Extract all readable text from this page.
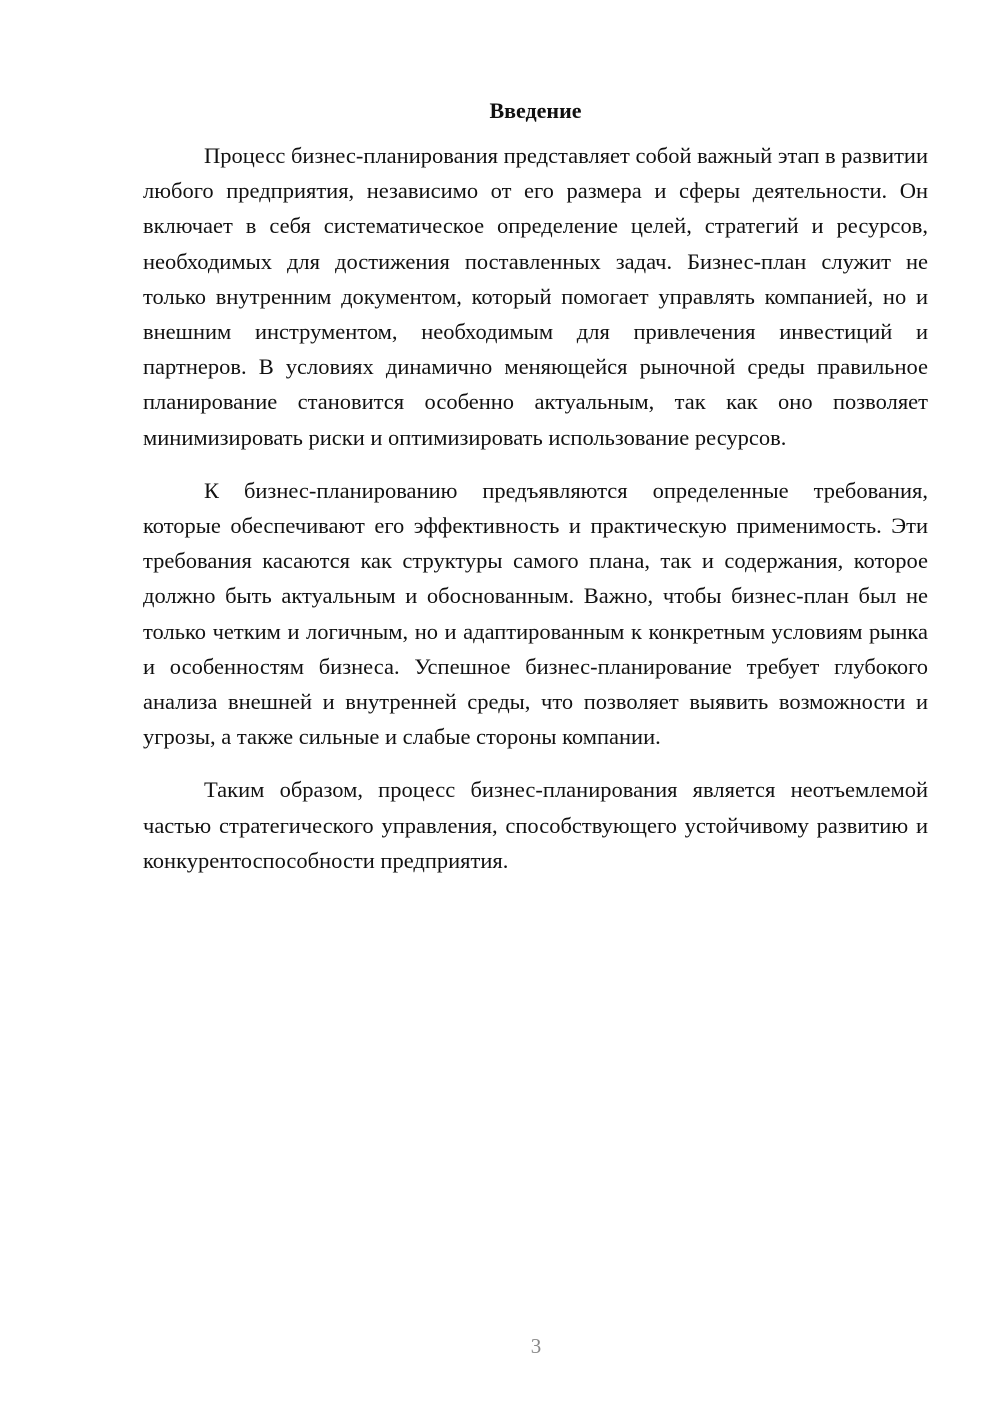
Введение

Процесс бизнес-планирования представляет собой важный этап в развитии любого предприятия, независимо от его размера и сферы деятельности. Он включает в себя систематическое определение целей, стратегий и ресурсов, необходимых для достижения поставленных задач. Бизнес-план служит не только внутренним документом, который помогает управлять компанией, но и внешним инструментом, необходимым для привлечения инвестиций и партнеров. В условиях динамично меняющейся рыночной среды правильное планирование становится особенно актуальным, так как оно позволяет минимизировать риски и оптимизировать использование ресурсов.

К бизнес-планированию предъявляются определенные требования, которые обеспечивают его эффективность и практическую применимость. Эти требования касаются как структуры самого плана, так и содержания, которое должно быть актуальным и обоснованным. Важно, чтобы бизнес-план был не только четким и логичным, но и адаптированным к конкретным условиям рынка и особенностям бизнеса. Успешное бизнес-планирование требует глубокого анализа внешней и внутренней среды, что позволяет выявить возможности и угрозы, а также сильные и слабые стороны компании.

Таким образом, процесс бизнес-планирования является неотъемлемой частью стратегического управления, способствующего устойчивому развитию и конкурентоспособности предприятия.

3
